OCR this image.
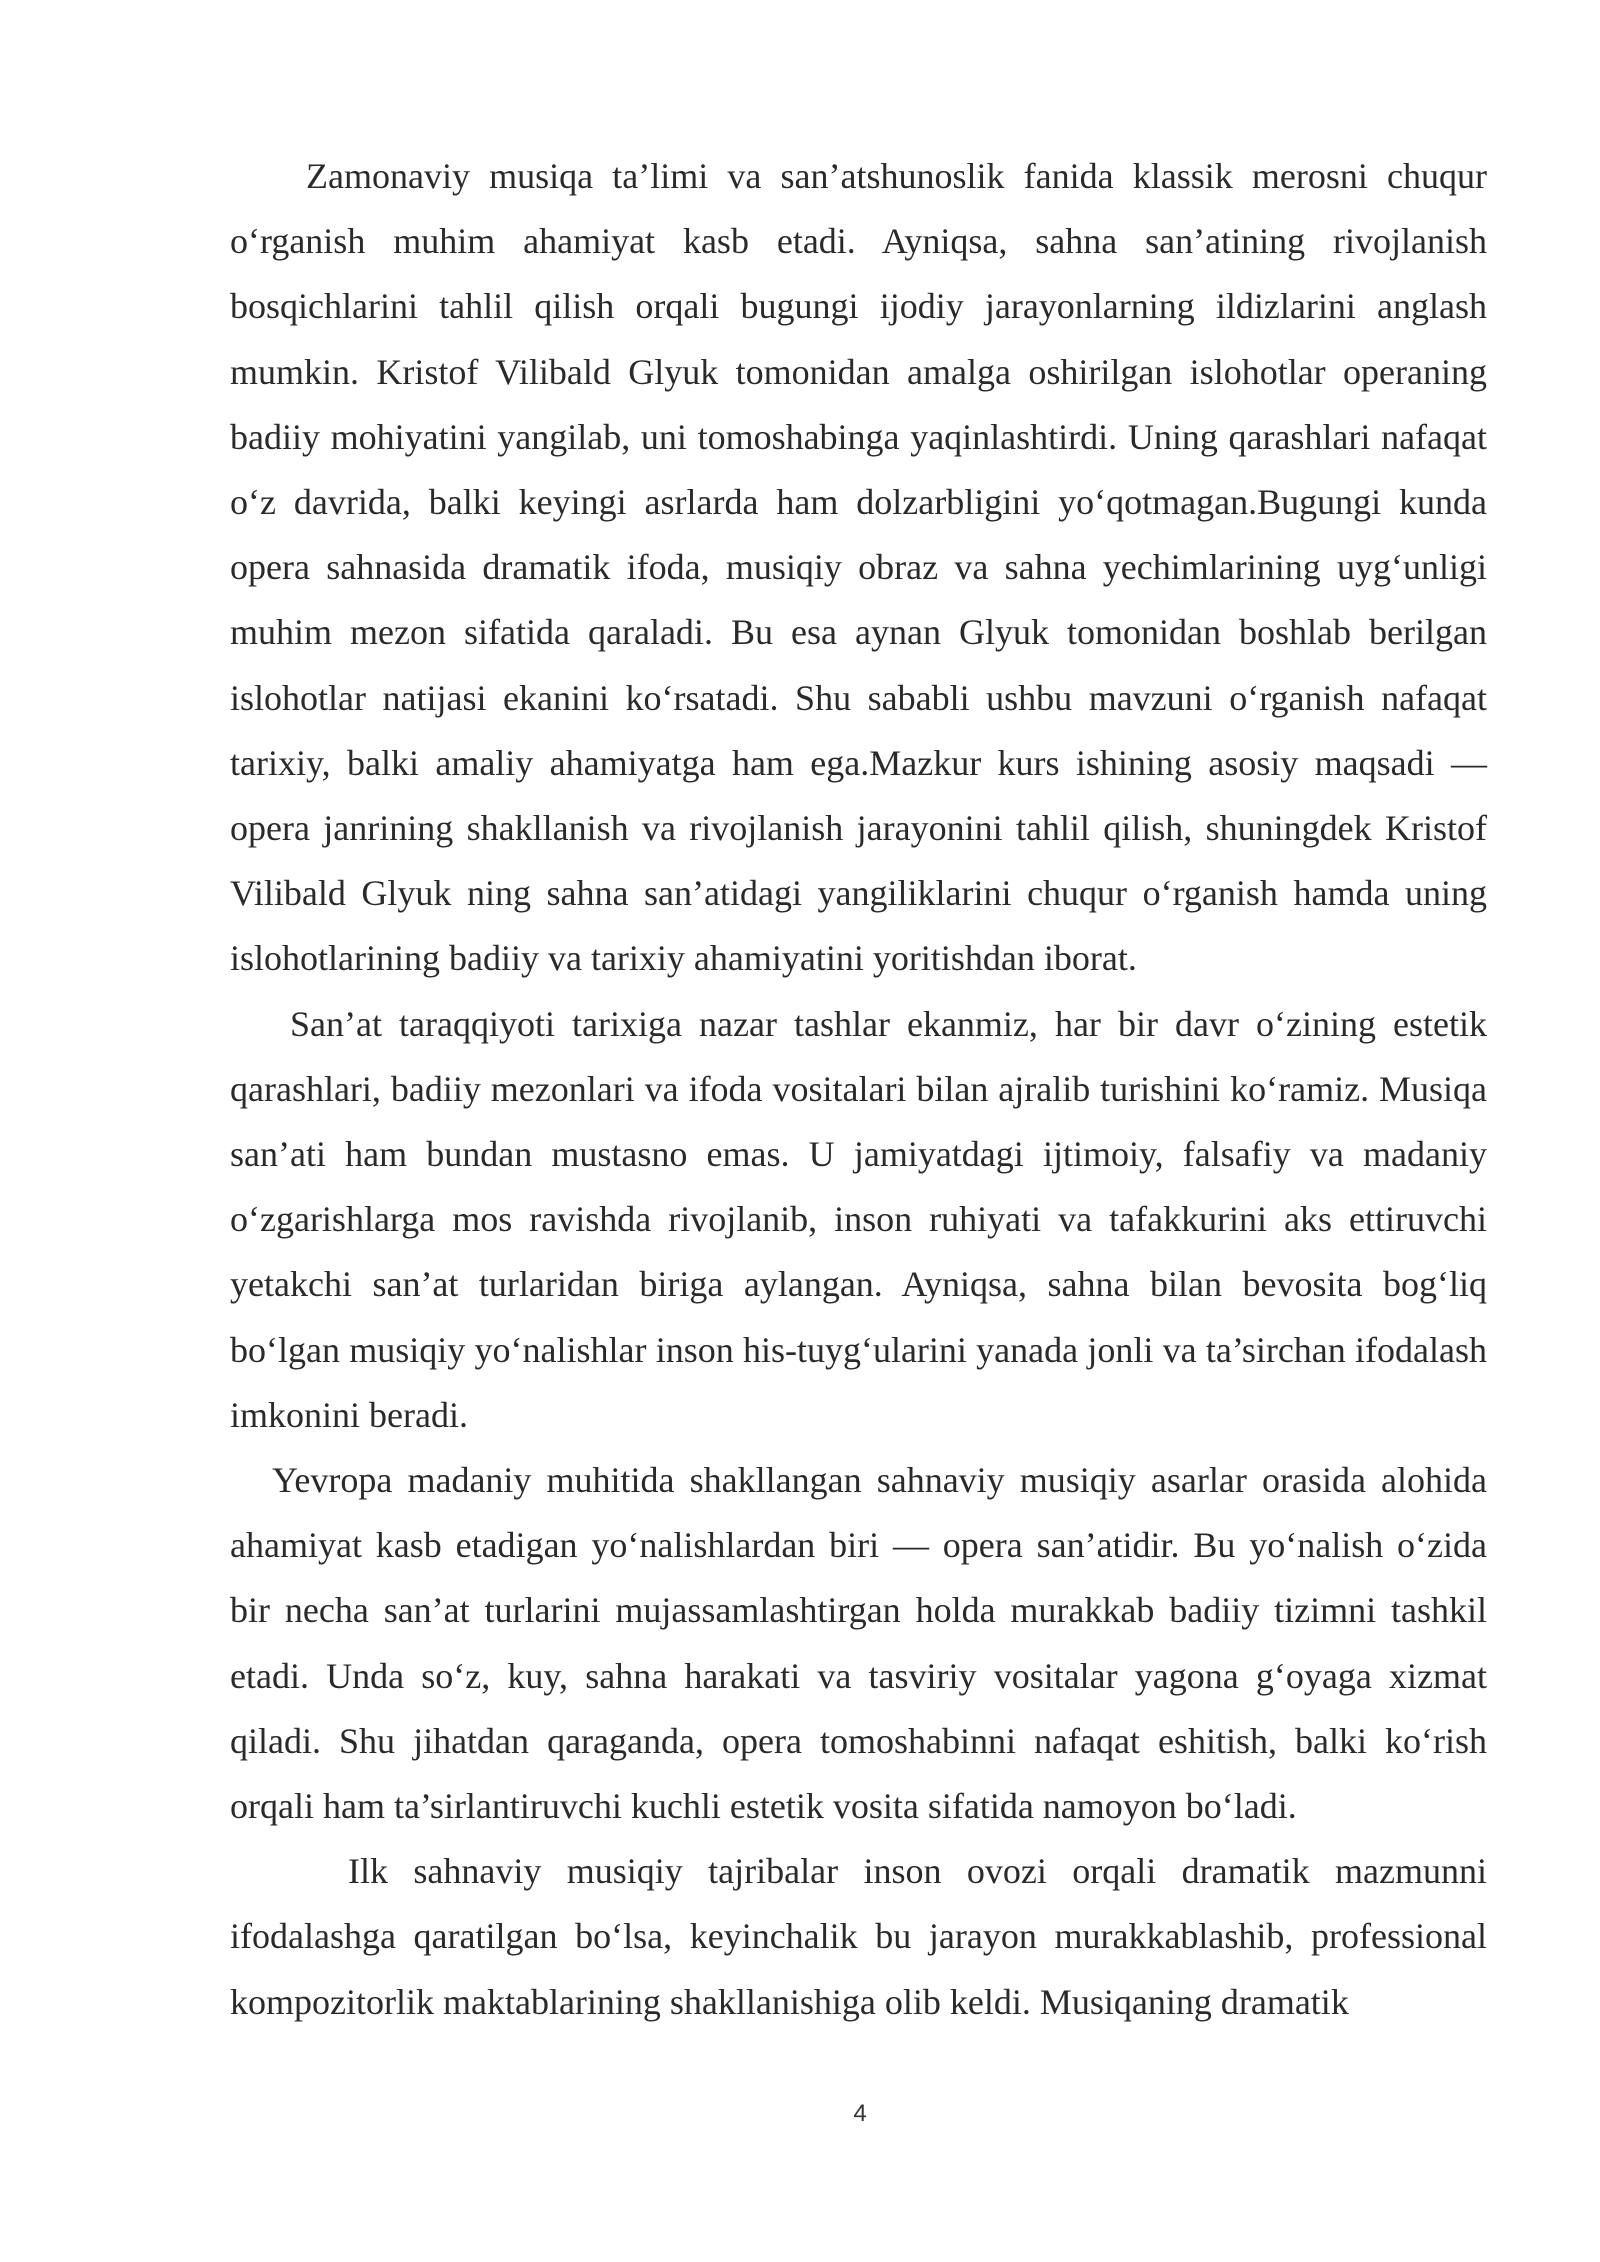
Zamonaviy musiqa ta’limi va san’atshunoslik fanida klassik merosni chuqur o‘rganish muhim ahamiyat kasb etadi. Ayniqsa, sahna san’atining rivojlanish bosqichlarini tahlil qilish orqali bugungi ijodiy jarayonlarning ildizlarini anglash mumkin. Kristof Vilibald Glyuk tomonidan amalga oshirilgan islohotlar operaning badiiy mohiyatini yangilab, uni tomoshabinga yaqinlashtirdi. Uning qarashlari nafaqat o‘z davrida, balki keyingi asrlarda ham dolzarbligini yo‘qotmagan.Bugungi kunda opera sahnasida dramatik ifoda, musiqiy obraz va sahna yechimlarining uyg‘unligi muhim mezon sifatida qaraladi. Bu esa aynan Glyuk tomonidan boshlab berilgan islohotlar natijasi ekanini ko‘rsatadi. Shu sababli ushbu mavzuni o‘rganish nafaqat tarixiy, balki amaliy ahamiyatga ham ega.Mazkur kurs ishining asosiy maqsadi — opera janrining shakllanish va rivojlanish jarayonini tahlil qilish, shuningdek Kristof Vilibald Glyuk ning sahna san’atidagi yangiliklarini chuqur o‘rganish hamda uning islohotlarining badiiy va tarixiy ahamiyatini yoritishdan iborat.

San’at taraqqiyoti tarixiga nazar tashlar ekanmiz, har bir davr o‘zining estetik qarashlari, badiiy mezonlari va ifoda vositalari bilan ajralib turishini ko‘ramiz. Musiqa san’ati ham bundan mustasno emas. U jamiyatdagi ijtimoiy, falsafiy va madaniy o‘zgarishlarga mos ravishda rivojlanib, inson ruhiyati va tafakkurini aks ettiruvchi yetakchi san’at turlaridan biriga aylangan. Ayniqsa, sahna bilan bevosita bog‘liq bo‘lgan musiqiy yo‘nalishlar inson his-tuyg‘ularini yanada jonli va ta’sirchan ifodalash imkonini beradi.

Yevropa madaniy muhitida shakllangan sahnaviy musiqiy asarlar orasida alohida ahamiyat kasb etadigan yo‘nalishlardan biri — opera san’atidir. Bu yo‘nalish o‘zida bir necha san’at turlarini mujassamlashtirgan holda murakkab badiiy tizimni tashkil etadi. Unda so‘z, kuy, sahna harakati va tasviriy vositalar yagona g‘oyaga xizmat qiladi. Shu jihatdan qaraganda, opera tomoshabinni nafaqat eshitish, balki ko‘rish orqali ham ta’sirlantiruvchi kuchli estetik vosita sifatida namoyon bo‘ladi.

Ilk sahnaviy musiqiy tajribalar inson ovozi orqali dramatik mazmunni ifodalashga qaratilgan bo‘lsa, keyinchalik bu jarayon murakkablashib, professional kompozitorlik maktablarining shakllanishiga olib keldi. Musiqaning dramatik

4
